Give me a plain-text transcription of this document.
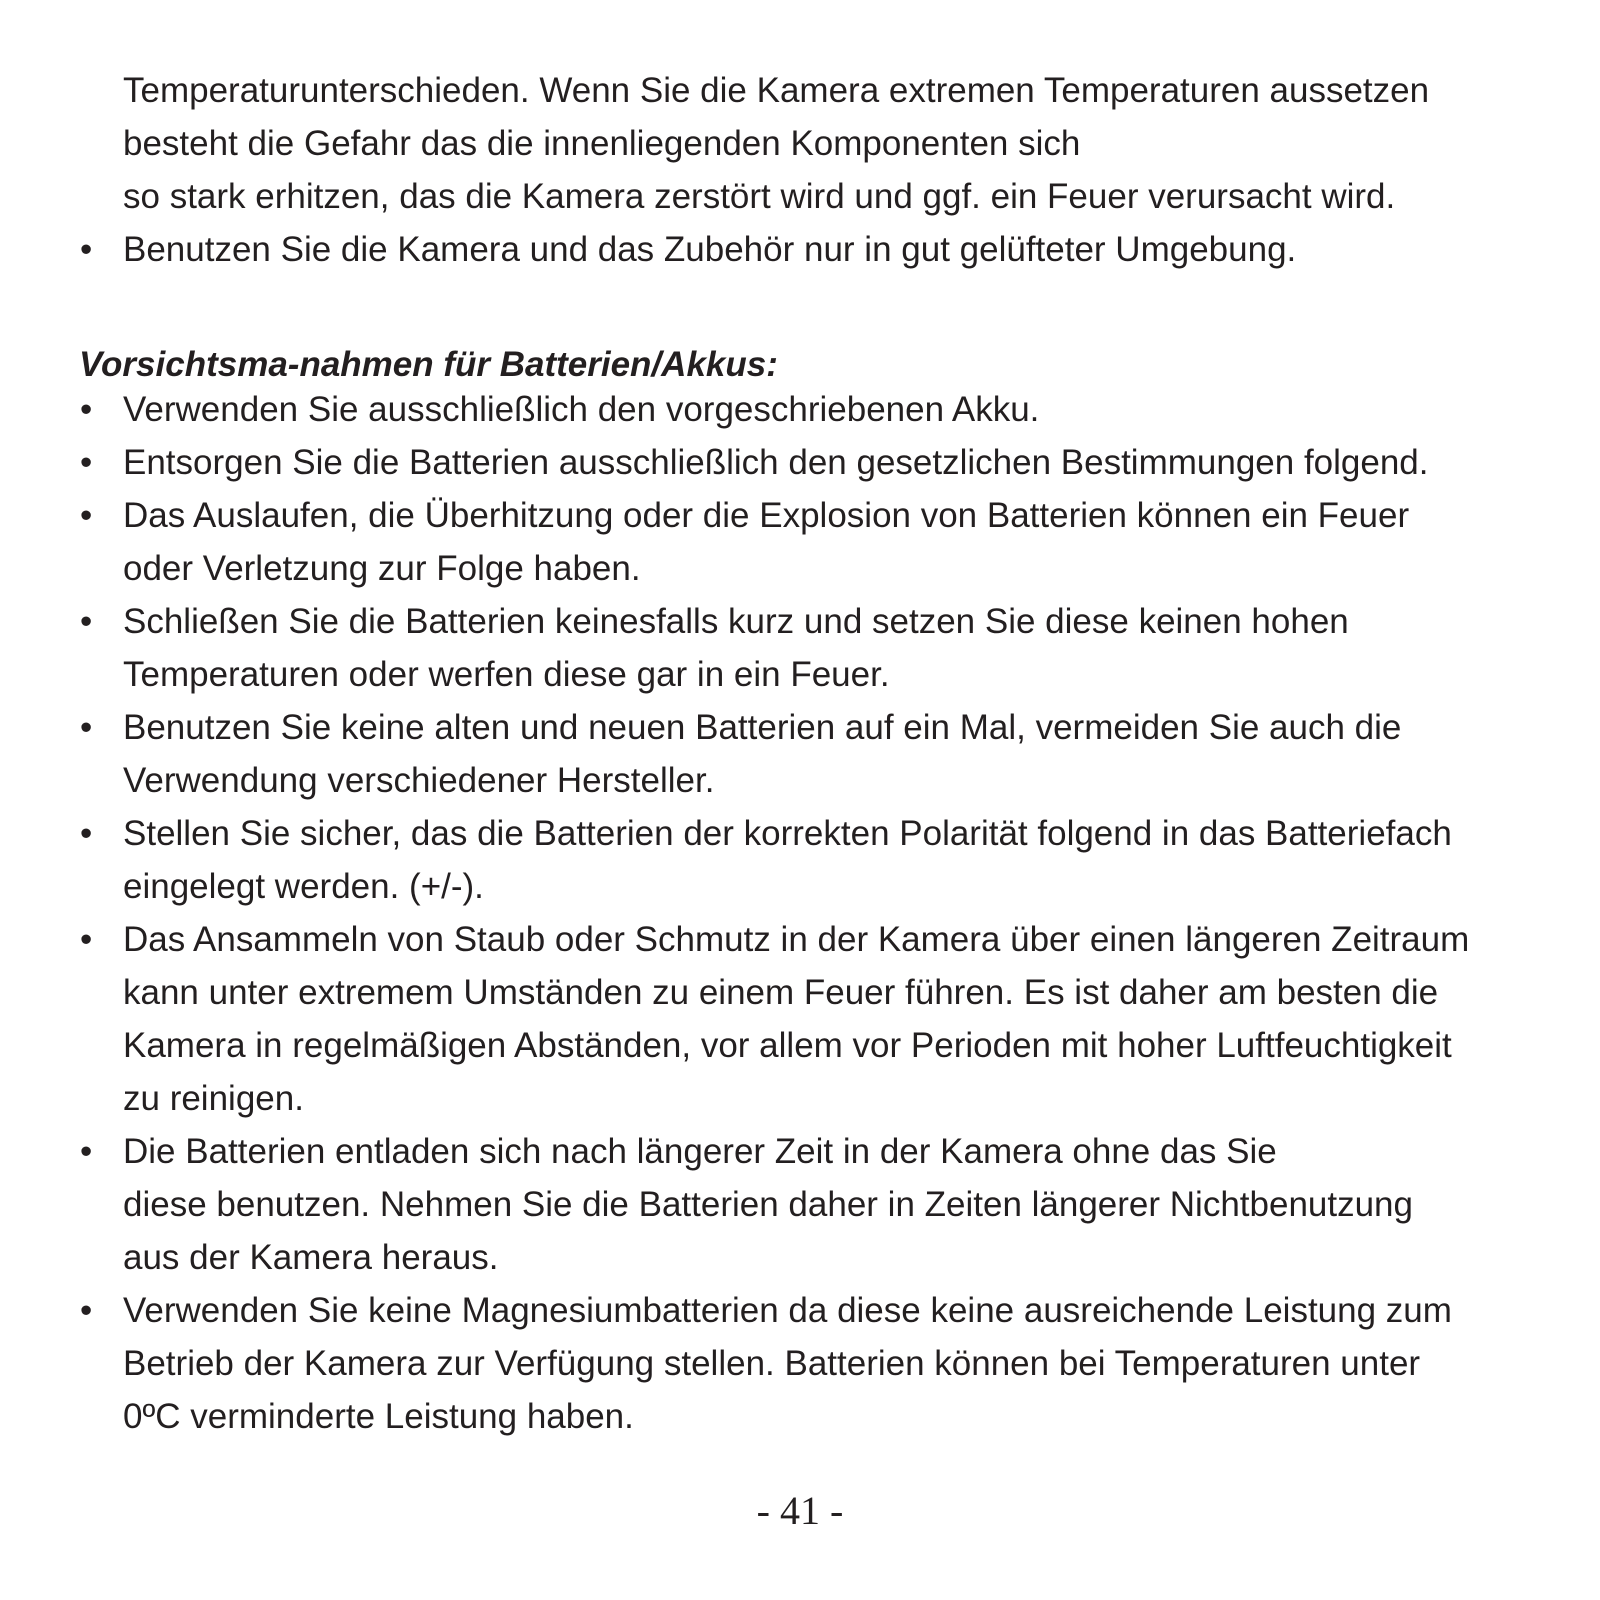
Temperaturunterschieden. Wenn Sie die Kamera extremen Temperaturen aussetzen
besteht die Gefahr das die innenliegenden Komponenten sich
so stark erhitzen, das die Kamera zerstört wird und ggf. ein Feuer verursacht wird.
• Benutzen Sie die Kamera und das Zubehör nur in gut gelüfteter Umgebung.
Vorsichtsma-nahmen für Batterien/Akkus:
• Verwenden Sie ausschließlich den vorgeschriebenen Akku.
• Entsorgen Sie die Batterien ausschließlich den gesetzlichen Bestimmungen folgend.
• Das Auslaufen, die Überhitzung oder die Explosion von Batterien können ein Feuer
oder Verletzung zur Folge haben.
• Schließen Sie die Batterien keinesfalls kurz und setzen Sie diese keinen hohen
Temperaturen oder werfen diese gar in ein Feuer.
• Benutzen Sie keine alten und neuen Batterien auf ein Mal, vermeiden Sie auch die
Verwendung verschiedener Hersteller.
• Stellen Sie sicher, das die Batterien der korrekten Polarität folgend in das Batteriefach
eingelegt werden. (+/-).
• Das Ansammeln von Staub oder Schmutz in der Kamera über einen längeren Zeitraum
kann unter extremem Umständen zu einem Feuer führen. Es ist daher am besten die
Kamera in regelmäßigen Abständen, vor allem vor Perioden mit hoher Luftfeuchtigkeit
zu reinigen.
• Die Batterien entladen sich nach längerer Zeit in der Kamera ohne das Sie
diese benutzen. Nehmen Sie die Batterien daher in Zeiten längerer Nichtbenutzung
aus der Kamera heraus.
• Verwenden Sie keine Magnesiumbatterien da diese keine ausreichende Leistung zum
Betrieb der Kamera zur Verfügung stellen. Batterien können bei Temperaturen unter
0ºC verminderte Leistung haben.
- 41 -
